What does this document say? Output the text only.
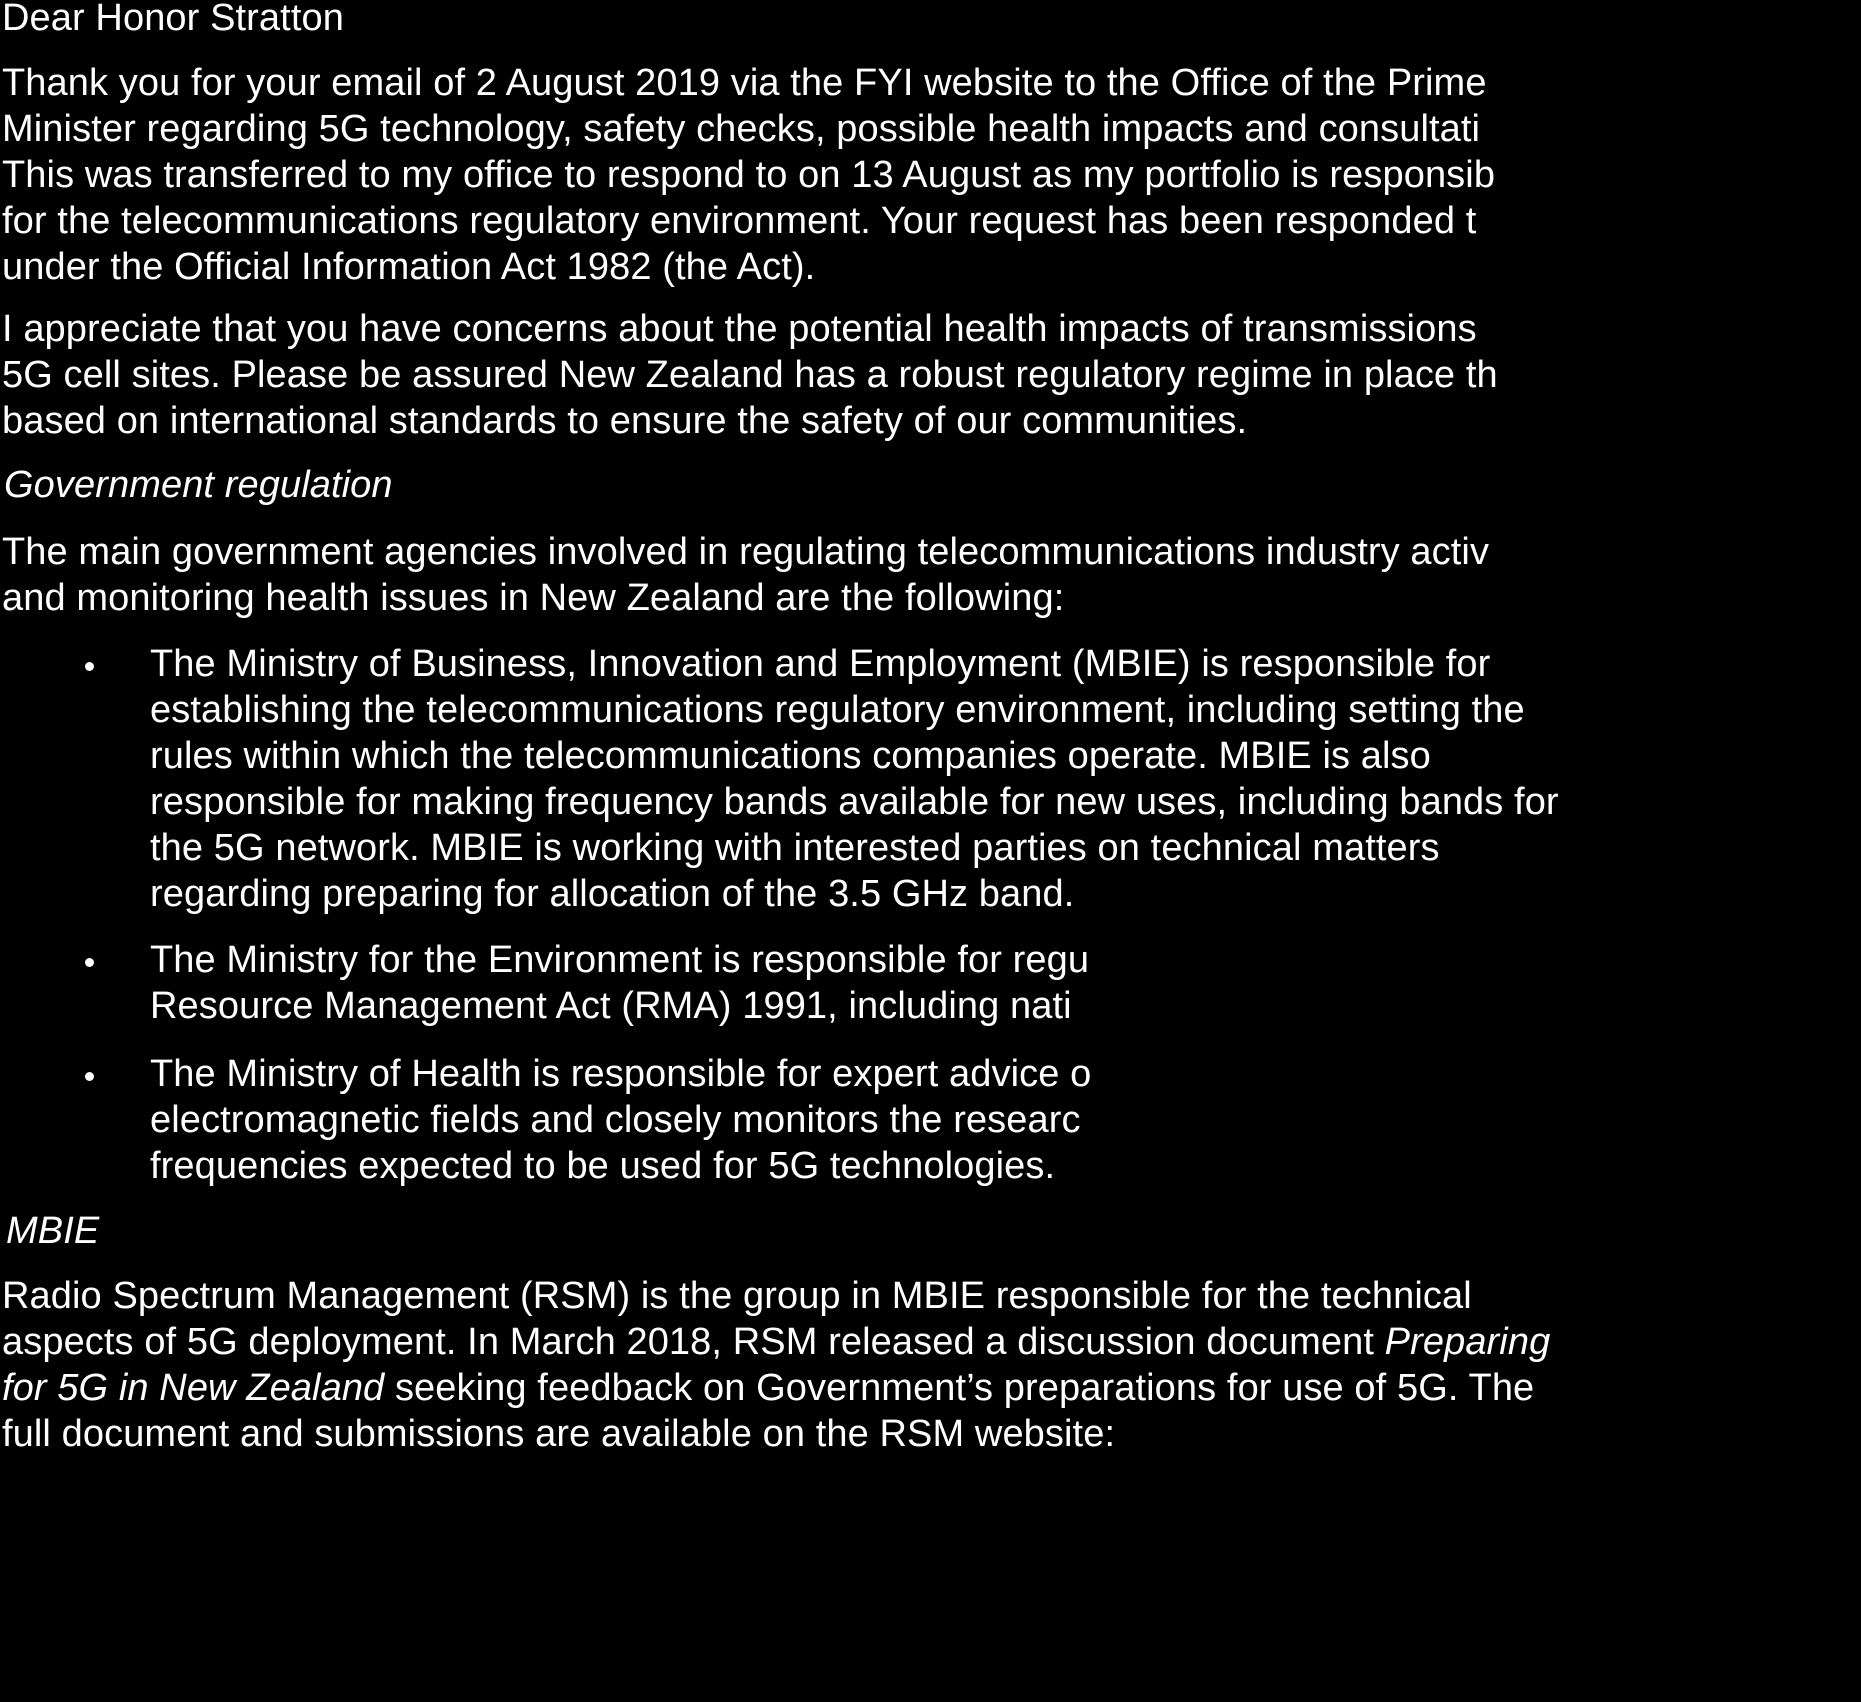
Dear Honor Stratton
Thank you for your email of 2 August 2019 via the FYI website to the Office of the Prime
Minister regarding 5G technology, safety checks, possible health impacts and consultati
This was transferred to my office to respond to on 13 August as my portfolio is responsib
for the telecommunications regulatory environment. Your request has been responded t
under the Official Information Act 1982 (the Act).
I appreciate that you have concerns about the potential health impacts of transmissions
5G cell sites. Please be assured New Zealand has a robust regulatory regime in place th
based on international standards to ensure the safety of our communities.
Government regulation
The main government agencies involved in regulating telecommunications industry activ
and monitoring health issues in New Zealand are the following:
The Ministry of Business, Innovation and Employment (MBIE) is responsible for
establishing the telecommunications regulatory environment, including setting the
rules within which the telecommunications companies operate. MBIE is also
responsible for making frequency bands available for new uses, including bands for
the 5G network. MBIE is working with interested parties on technical matters
regarding preparing for allocation of the 3.5 GHz band.
The Ministry for the Environment is responsible for regu
Resource Management Act (RMA) 1991, including nati
The Ministry of Health is responsible for expert advice o
electromagnetic fields and closely monitors the researc
frequencies expected to be used for 5G technologies.
MBIE
Radio Spectrum Management (RSM) is the group in MBIE responsible for the technical
aspects of 5G deployment. In March 2018, RSM released a discussion document Preparing
for 5G in New Zealand seeking feedback on Government’s preparations for use of 5G. The
full document and submissions are available on the RSM website:
